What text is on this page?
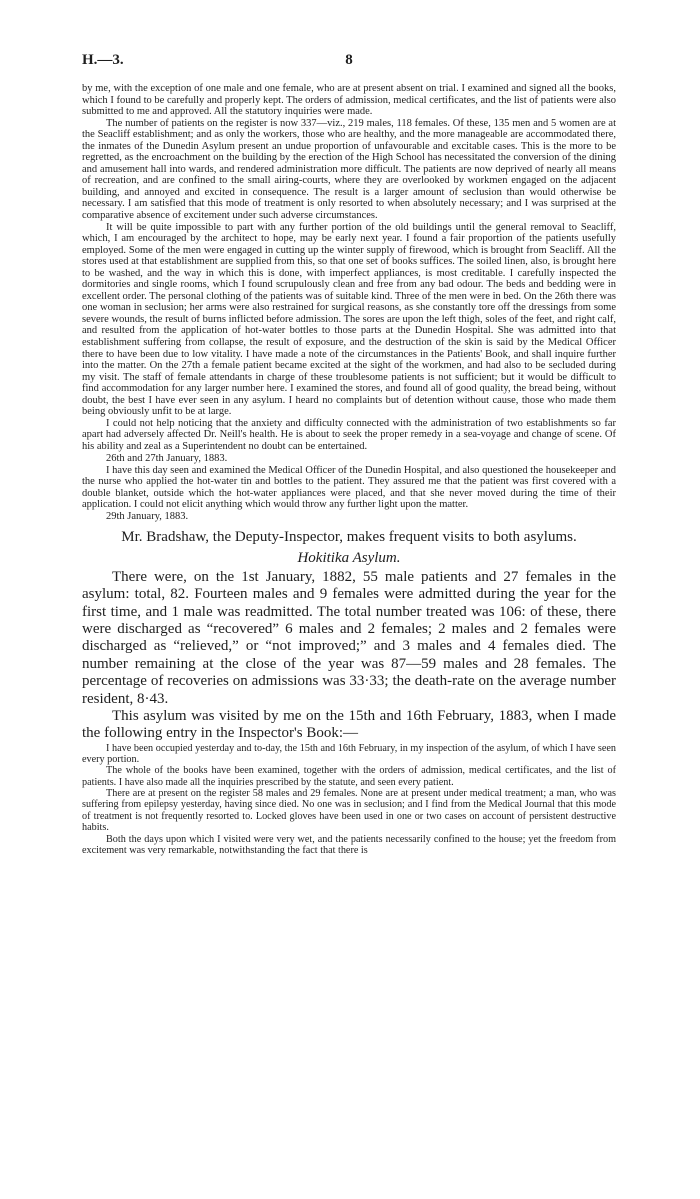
H.—3.	8

by me, with the exception of one male and one female, who are at present absent on trial. I examined and signed all the books, which I found to be carefully and properly kept. The orders of admission, medical certificates, and the list of patients were also submitted to me and approved. All the statutory inquiries were made.

The number of patients on the register is now 337—viz., 219 males, 118 females. Of these, 135 men and 5 women are at the Seacliff establishment; and as only the workers, those who are healthy, and the more manageable are accommodated there, the inmates of the Dunedin Asylum present an undue proportion of unfavourable and excitable cases. This is the more to be regretted, as the encroachment on the building by the erection of the High School has necessitated the conversion of the dining and amusement hall into wards, and rendered administration more difficult. The patients are now deprived of nearly all means of recreation, and are confined to the small airing-courts, where they are overlooked by workmen engaged on the adjacent building, and annoyed and excited in consequence. The result is a larger amount of seclusion than would otherwise be necessary. I am satisfied that this mode of treatment is only resorted to when absolutely necessary; and I was surprised at the comparative absence of excitement under such adverse circumstances.

It will be quite impossible to part with any further portion of the old buildings until the general removal to Seacliff, which, I am encouraged by the architect to hope, may be early next year. I found a fair proportion of the patients usefully employed. Some of the men were engaged in cutting up the winter supply of firewood, which is brought from Seacliff. All the stores used at that establishment are supplied from this, so that one set of books suffices. The soiled linen, also, is brought here to be washed, and the way in which this is done, with imperfect appliances, is most creditable. I carefully inspected the dormitories and single rooms, which I found scrupulously clean and free from any bad odour. The beds and bedding were in excellent order. The personal clothing of the patients was of suitable kind. Three of the men were in bed. On the 26th there was one woman in seclusion; her arms were also restrained for surgical reasons, as she constantly tore off the dressings from some severe wounds, the result of burns inflicted before admission. The sores are upon the left thigh, soles of the feet, and right calf, and resulted from the application of hot-water bottles to those parts at the Dunedin Hospital. She was admitted into that establishment suffering from collapse, the result of exposure, and the destruction of the skin is said by the Medical Officer there to have been due to low vitality. I have made a note of the circumstances in the Patients' Book, and shall inquire further into the matter. On the 27th a female patient became excited at the sight of the workmen, and had also to be secluded during my visit. The staff of female attendants in charge of these troublesome patients is not sufficient; but it would be difficult to find accommodation for any larger number here. I examined the stores, and found all of good quality, the bread being, without doubt, the best I have ever seen in any asylum. I heard no complaints but of detention without cause, those who made them being obviously unfit to be at large.

I could not help noticing that the anxiety and difficulty connected with the administration of two establishments so far apart had adversely affected Dr. Neill's health. He is about to seek the proper remedy in a sea-voyage and change of scene. Of his ability and zeal as a Superintendent no doubt can be entertained.

26th and 27th January, 1883.

I have this day seen and examined the Medical Officer of the Dunedin Hospital, and also questioned the housekeeper and the nurse who applied the hot-water tin and bottles to the patient. They assured me that the patient was first covered with a double blanket, outside which the hot-water appliances were placed, and that she never moved during the time of their application. I could not elicit anything which would throw any further light upon the matter.

29th January, 1883.
Mr. Bradshaw, the Deputy-Inspector, makes frequent visits to both asylums.
Hokitika Asylum.

There were, on the 1st January, 1882, 55 male patients and 27 females in the asylum: total, 82. Fourteen males and 9 females were admitted during the year for the first time, and 1 male was readmitted. The total number treated was 106: of these, there were discharged as “recovered” 6 males and 2 females; 2 males and 2 females were discharged as “relieved,” or “not improved;” and 3 males and 4 females died. The number remaining at the close of the year was 87—59 males and 28 females. The percentage of recoveries on admissions was 33·33; the death-rate on the average number resident, 8·43.

This asylum was visited by me on the 15th and 16th February, 1883, when I made the following entry in the Inspector's Book:—

I have been occupied yesterday and to-day, the 15th and 16th February, in my inspection of the asylum, of which I have seen every portion.

The whole of the books have been examined, together with the orders of admission, medical certificates, and the list of patients. I have also made all the inquiries prescribed by the statute, and seen every patient.

There are at present on the register 58 males and 29 females. None are at present under medical treatment; a man, who was suffering from epilepsy yesterday, having since died. No one was in seclusion; and I find from the Medical Journal that this mode of treatment is not frequently resorted to. Locked gloves have been used in one or two cases on account of persistent destructive habits.

Both the days upon which I visited were very wet, and the patients necessarily confined to the house; yet the freedom from excitement was very remarkable, notwithstanding the fact that there is
